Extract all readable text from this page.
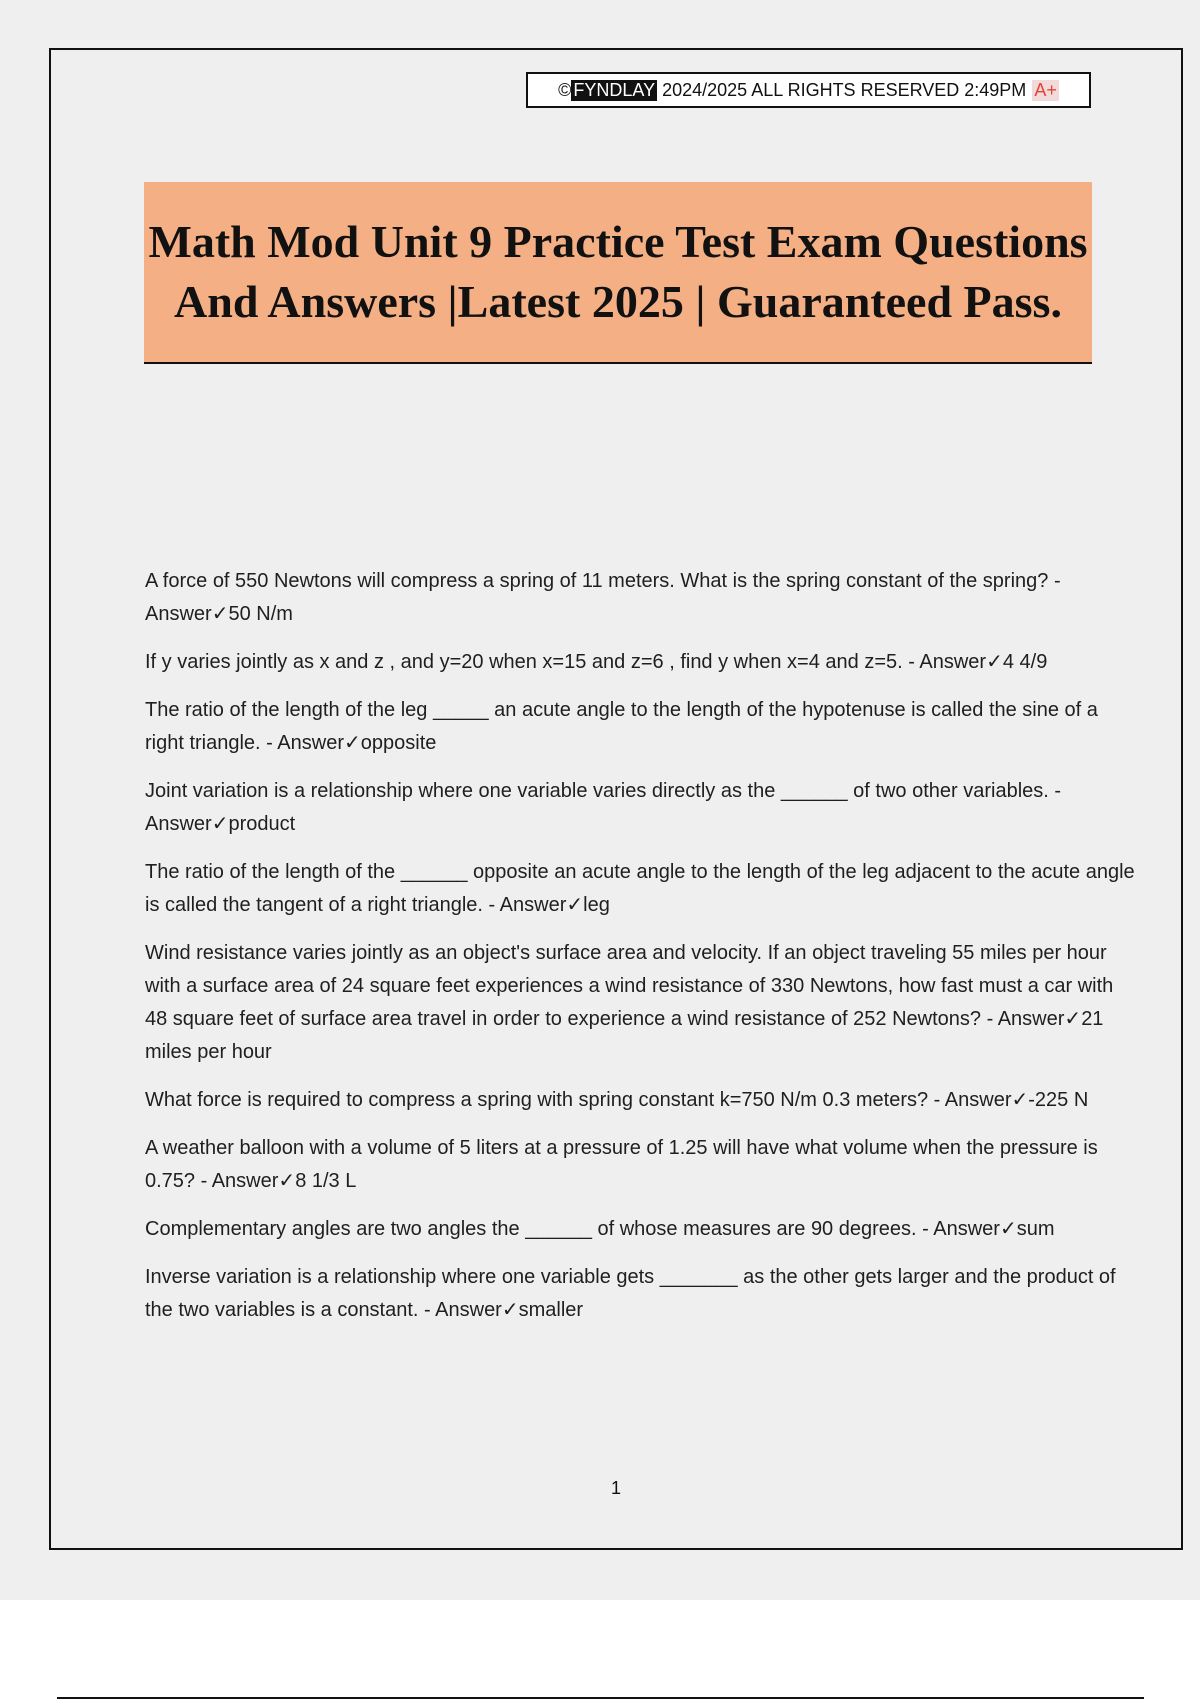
© FYNDLAY
2024/2025 ALL RIGHTS RESERVED 2:49PM A+
Math Mod Unit 9 Practice Test Exam Questions And Answers |Latest 2025 | Guaranteed Pass.

A force of 550 Newtons will compress a spring of 11 meters. What is the spring constant of the spring? - Answer✓50 N/m

If y varies jointly as x and z , and y=20 when x=15 and z=6 , find y when x=4 and z=5. - Answer✓4 4/9

The ratio of the length of the leg _____ an acute angle to the length of the hypotenuse is called the sine of a right triangle. - Answer✓opposite

Joint variation is a relationship where one variable varies directly as the ______ of two other variables. - Answer✓product

The ratio of the length of the ______ opposite an acute angle to the length of the leg adjacent to the acute angle is called the tangent of a right triangle. - Answer✓leg

Wind resistance varies jointly as an object's surface area and velocity. If an object traveling 55 miles per hour with a surface area of 24 square feet experiences a wind resistance of 330 Newtons, how fast must a car with 48 square feet of surface area travel in order to experience a wind resistance of 252 Newtons? - Answer✓21 miles per hour

What force is required to compress a spring with spring constant k=750 N/m 0.3 meters? - Answer✓-225 N

A weather balloon with a volume of 5 liters at a pressure of 1.25 will have what volume when the pressure is 0.75? - Answer✓8 1/3 L

Complementary angles are two angles the ______ of whose measures are 90 degrees. - Answer✓sum

Inverse variation is a relationship where one variable gets _______ as the other gets larger and the product of the two variables is a constant. - Answer✓smaller

1
